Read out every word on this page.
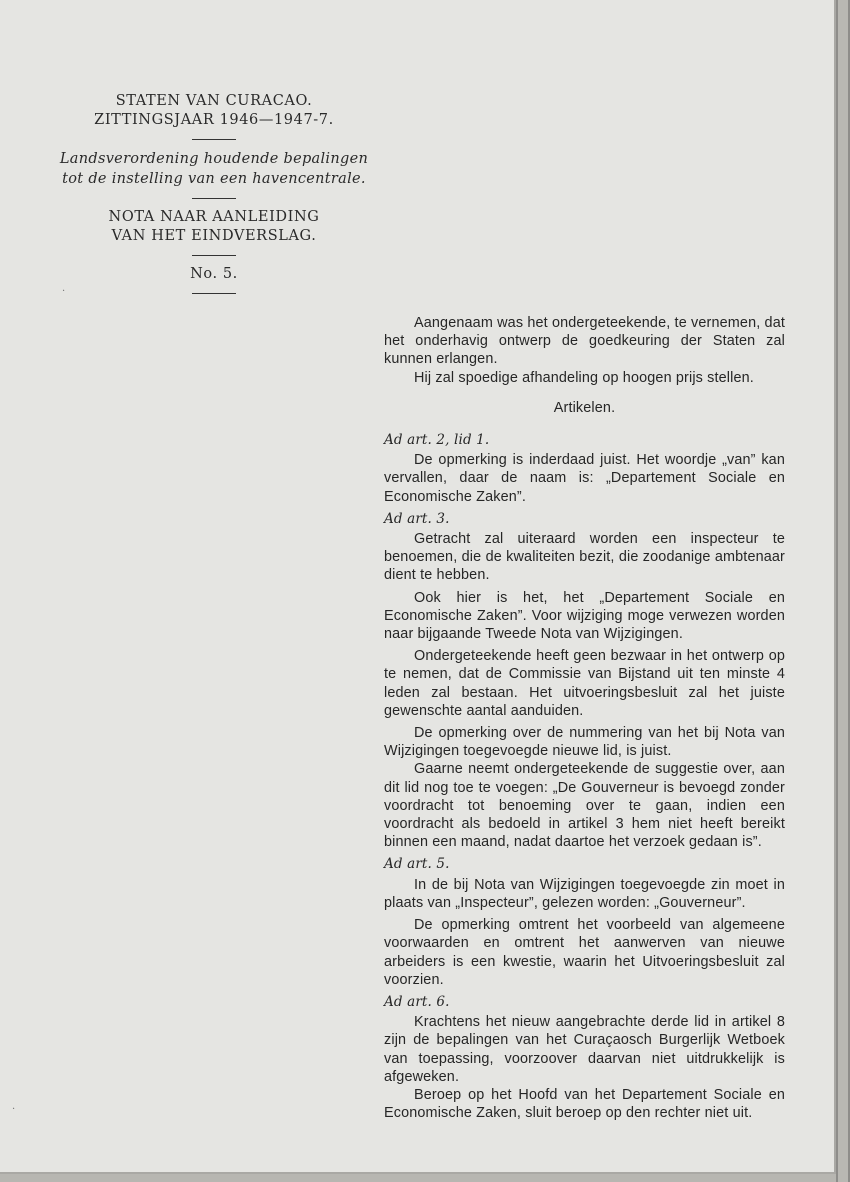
STATEN VAN CURACAO.
ZITTINGSJAAR 1946—1947-7.
Landsverordening houdende bepalingen
tot de instelling van een havencentrale.
NOTA NAAR AANLEIDING
VAN HET EINDVERSLAG.
No. 5.

Aangenaam was het ondergeteekende, te vernemen, dat het onderhavig ontwerp de goedkeuring der Staten zal kunnen erlangen.

Hij zal spoedige afhandeling op hoogen prijs stellen.

Artikelen.

Ad art. 2, lid 1.

De opmerking is inderdaad juist. Het woordje „van” kan vervallen, daar de naam is: „Departement Sociale en Economische Zaken”.

Ad art. 3.

Getracht zal uiteraard worden een inspecteur te benoemen, die de kwaliteiten bezit, die zoodanige ambtenaar dient te hebben.

Ook hier is het, het „Departement Sociale en Economische Zaken”. Voor wijziging moge verwezen worden naar bijgaande Tweede Nota van Wijzigingen.

Ondergeteekende heeft geen bezwaar in het ontwerp op te nemen, dat de Commissie van Bijstand uit ten minste 4 leden zal bestaan. Het uitvoeringsbesluit zal het juiste gewenschte aantal aanduiden.

De opmerking over de nummering van het bij Nota van Wijzigingen toegevoegde nieuwe lid, is juist.

Gaarne neemt ondergeteekende de suggestie over, aan dit lid nog toe te voegen: „De Gouverneur is bevoegd zonder voordracht tot benoeming over te gaan, indien een voordracht als bedoeld in artikel 3 hem niet heeft bereikt binnen een maand, nadat daartoe het verzoek gedaan is”.

Ad art. 5.

In de bij Nota van Wijzigingen toegevoegde zin moet in plaats van „Inspecteur”, gelezen worden: „Gouverneur”.

De opmerking omtrent het voorbeeld van algemeene voorwaarden en omtrent het aanwerven van nieuwe arbeiders is een kwestie, waarin het Uitvoeringsbesluit zal voorzien.

Ad art. 6.

Krachtens het nieuw aangebrachte derde lid in artikel 8 zijn de bepalingen van het Curaçaosch Burgerlijk Wetboek van toepassing, voorzoover daarvan niet uitdrukkelijk is afgeweken.

Beroep op het Hoofd van het Departement Sociale en Economische Zaken, sluit beroep op den rechter niet uit.

·
·
